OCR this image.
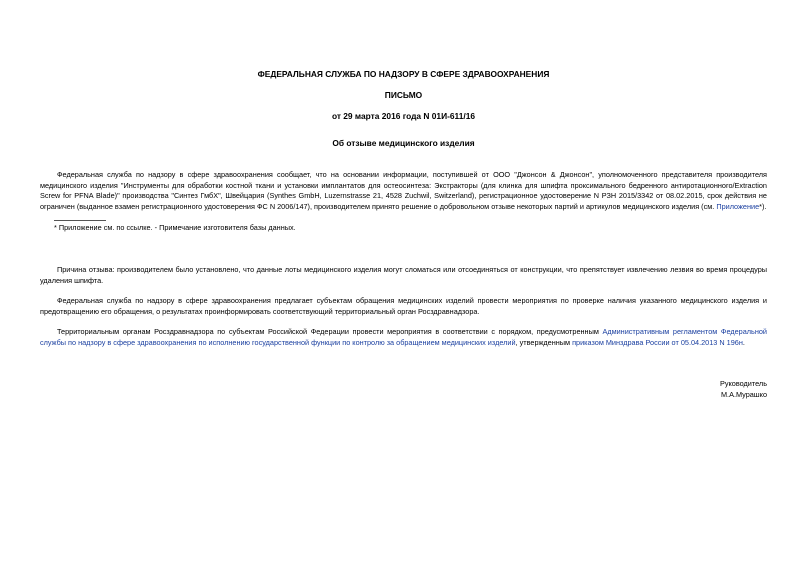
ФЕДЕРАЛЬНАЯ СЛУЖБА ПО НАДЗОРУ В СФЕРЕ ЗДРАВООХРАНЕНИЯ
ПИСЬМО
от 29 марта 2016 года N 01И-611/16
Об отзыве медицинского изделия
Федеральная служба по надзору в сфере здравоохранения сообщает, что на основании информации, поступившей от ООО "Джонсон & Джонсон", уполномоченного представителя производителя медицинского изделия "Инструменты для обработки костной ткани и установки имплантатов для остеосинтеза: Экстракторы (для клинка для шпифта проксимального бедренного антиротационного/Extraction Screw for PFNA Blade)" производства "Синтез ГмбХ", Швейцария (Synthes GmbH, Luzernstrasse 21, 4528 Zuchwil, Switzerland), регистрационное удостоверение N РЗН 2015/3342 от 08.02.2015, срок действия не ограничен (выданное взамен регистрационного удостоверения ФС N 2006/147), производителем принято решение о добровольном отзыве некоторых партий и артикулов медицинского изделия (см. Приложение*).
* Приложение см. по ссылке. - Примечание изготовителя базы данных.
Причина отзыва: производителем было установлено, что данные лоты медицинского изделия могут сломаться или отсоединяться от конструкции, что препятствует извлечению лезвия во время процедуры удаления шпифта.
Федеральная служба по надзору в сфере здравоохранения предлагает субъектам обращения медицинских изделий провести мероприятия по проверке наличия указанного медицинского изделия и предотвращению его обращения, о результатах проинформировать соответствующий территориальный орган Росздравнадзора.
Территориальным органам Росздравнадзора по субъектам Российской Федерации провести мероприятия в соответствии с порядком, предусмотренным Административным регламентом Федеральной службы по надзору в сфере здравоохранения по исполнению государственной функции по контролю за обращением медицинских изделий, утвержденным приказом Минздрава России от 05.04.2013 N 196н.
Руководитель
М.А.Мурашко
